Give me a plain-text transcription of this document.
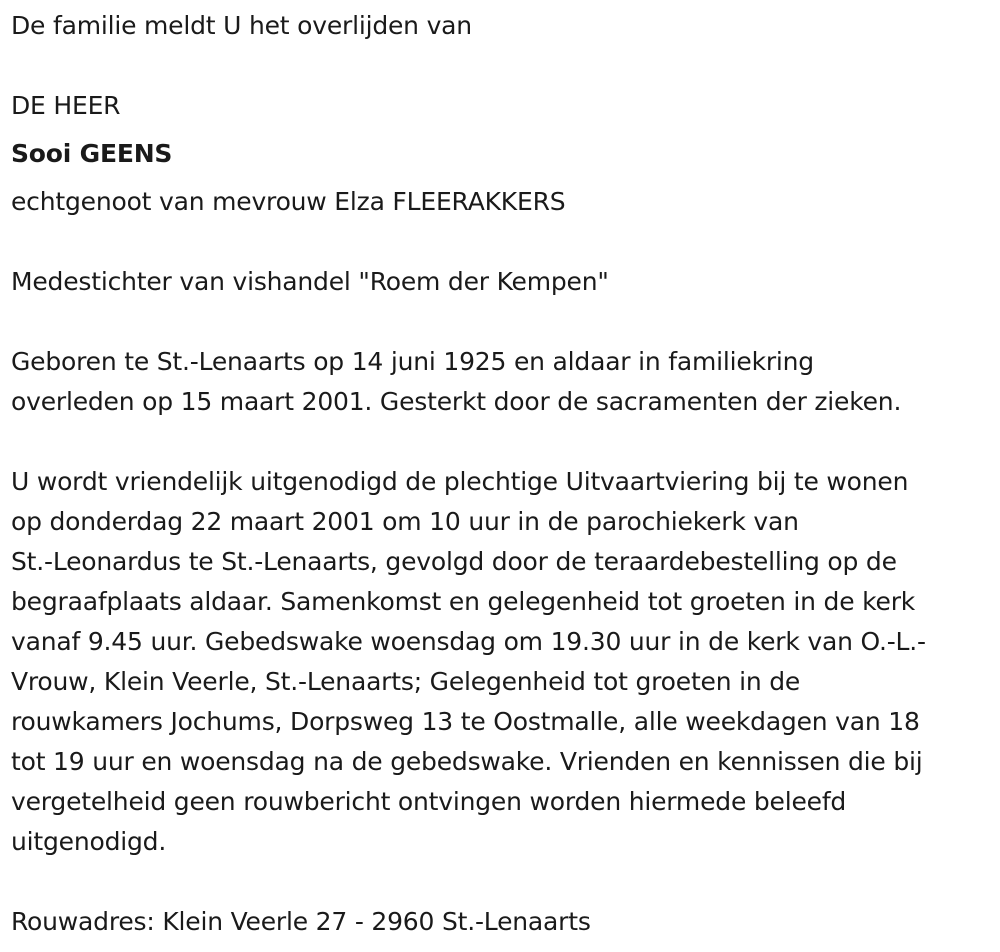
De familie meldt U het overlijden van

DE HEER

Sooi GEENS

echtgenoot van mevrouw Elza FLEERAKKERS

Medestichter van vishandel "Roem der Kempen"

Geboren te St.-Lenaarts op 14 juni 1925 en aldaar in familiekring
overleden op 15 maart 2001. Gesterkt door de sacramenten der zieken.
U wordt vriendelijk uitgenodigd de plechtige Uitvaartviering bij te wonen
op donderdag 22 maart 2001 om 10 uur in de parochiekerk van
St.-Leonardus te St.-Lenaarts, gevolgd door de teraardebestelling op de
begraafplaats aldaar. Samenkomst en gelegenheid tot groeten in de kerk
vanaf 9.45 uur. Gebedswake woensdag om 19.30 uur in de kerk van O.-L.-
Vrouw, Klein Veerle, St.-Lenaarts; Gelegenheid tot groeten in de
rouwkamers Jochums, Dorpsweg 13 te Oostmalle, alle weekdagen van 18
tot 19 uur en woensdag na de gebedswake. Vrienden en kennissen die bij
vergetelheid geen rouwbericht ontvingen worden hiermede beleefd
uitgenodigd.

Rouwadres: Klein Veerle 27 - 2960 St.-Lenaarts
